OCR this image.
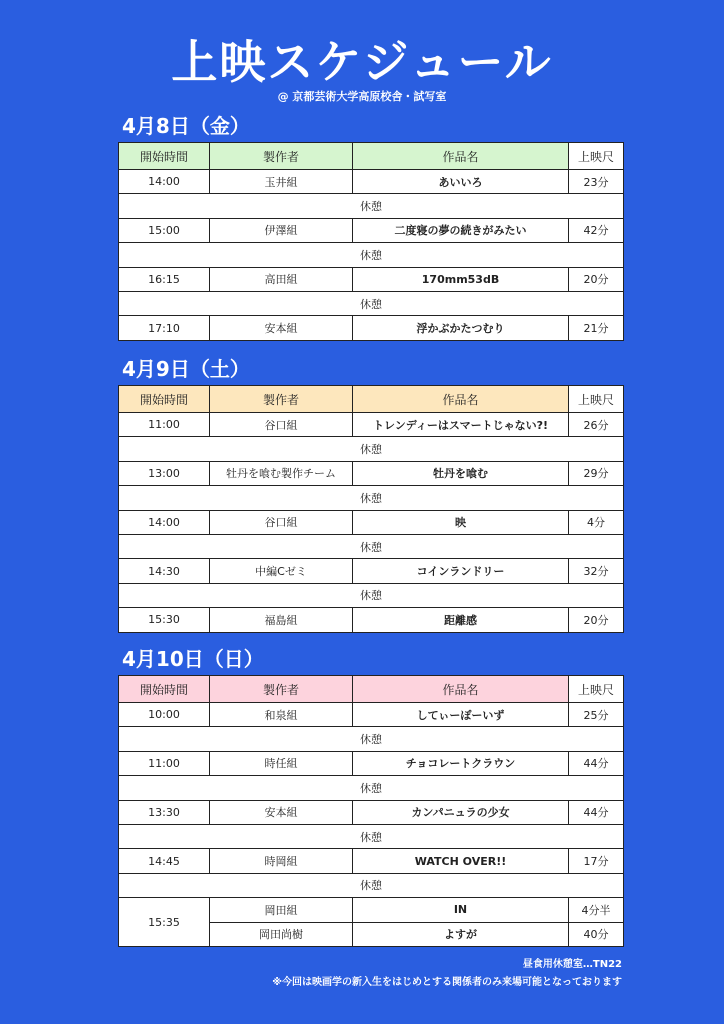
上映スケジュール
@ 京都芸術大学高原校舎・試写室
4月8日（金）
開始時間	製作者	作品名	上映尺
14:00	玉井組	あいいろ	23分
休憩			
15:00	伊澤組	二度寝の夢の続きがみたい	42分
休憩			
16:15	高田組	170mm53dB	20分
休憩			
17:10	安本組	浮かぶかたつむり	21分
4月9日（土）
開始時間	製作者	作品名	上映尺
11:00	谷口組	トレンディーはスマートじゃない?!	26分
休憩			
13:00	牡丹を喰む製作チーム	牡丹を喰む	29分
休憩			
14:00	谷口組	映	4分
休憩			
14:30	中編Cゼミ	コインランドリー	32分
休憩			
15:30	福島組	距離感	20分
4月10日（日）
開始時間	製作者	作品名	上映尺
10:00	和泉組	してぃーぽーいず	25分
休憩			
11:00	時任組	チョコレートクラウン	44分
休憩			
13:30	安本組	カンパニュラの少女	44分
休憩			
14:45	時岡組	WATCH OVER!!	17分
休憩			
15:35	岡田組	IN	4分半
	岡田尚樹	よすが	40分
昼食用休憩室…TN22
※今回は映画学の新入生をはじめとする関係者のみ来場可能となっております
